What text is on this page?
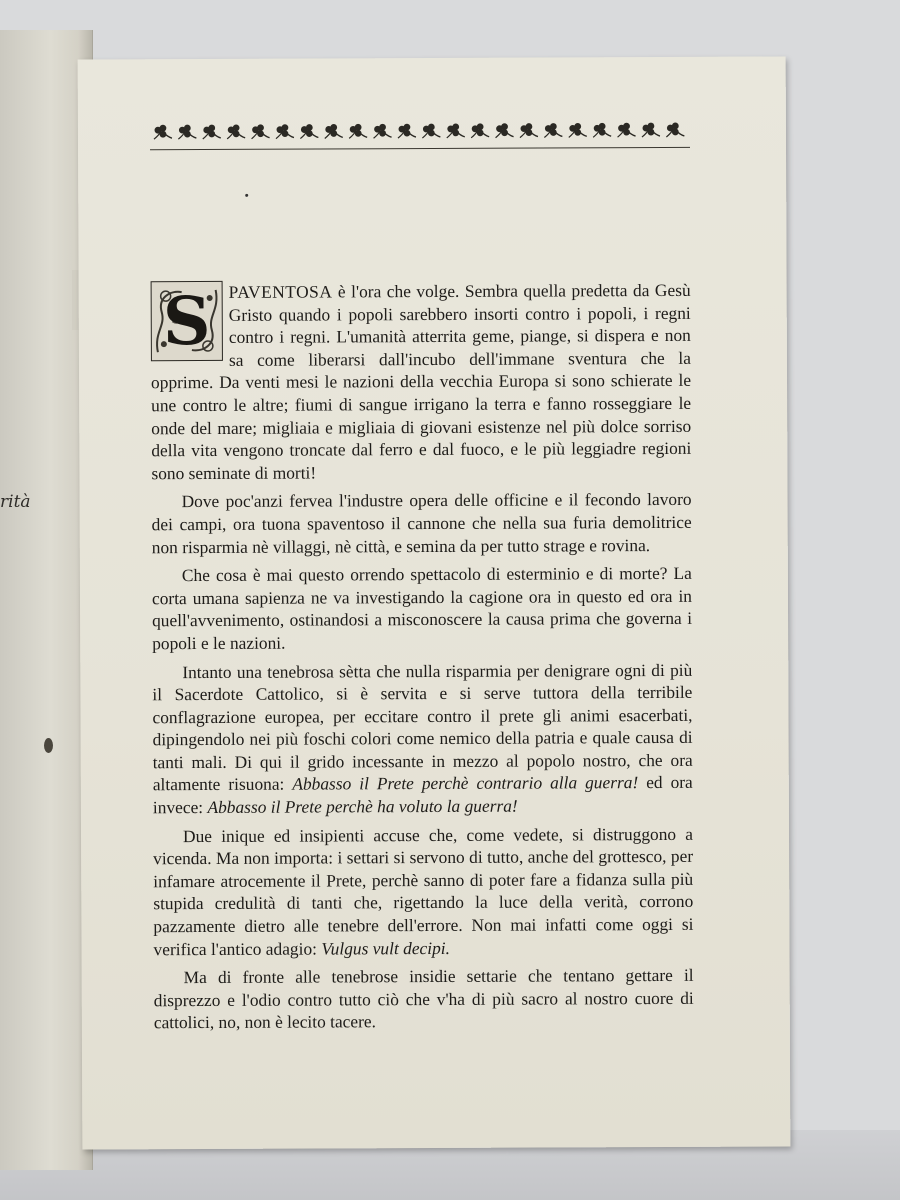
rità
S	PAVENTOSA è l'ora che volge. Sembra quella predetta da Gesù Gristo quando i popoli sarebbero insorti contro i popoli, i regni contro i regni. L'umanità atterrita geme, piange, si dispera e non sa come liberarsi dall'incubo dell'immane sventura che la opprime. Da venti mesi le nazioni della vecchia Europa si sono schierate le une contro le altre; fiumi di sangue irrigano la terra e fanno rosseggiare le onde del mare; migliaia e migliaia di giovani esistenze nel più dolce sorriso della vita vengono troncate dal ferro e dal fuoco, e le più leggiadre regioni sono seminate di morti!

Dove poc'anzi fervea l'industre opera delle officine e il fecondo lavoro dei campi, ora tuona spaventoso il cannone che nella sua furia demolitrice non risparmia nè villaggi, nè città, e semina da per tutto strage e rovina.

Che cosa è mai questo orrendo spettacolo di esterminio e di morte? La corta umana sapienza ne va investigando la cagione ora in questo ed ora in quell'avvenimento, ostinandosi a misconoscere la causa prima che governa i popoli e le nazioni.

Intanto una tenebrosa sètta che nulla risparmia per denigrare ogni di più il Sacerdote Cattolico, si è servita e si serve tuttora della terribile conflagrazione europea, per eccitare contro il prete gli animi esacerbati, dipingendolo nei più foschi colori come nemico della patria e quale causa di tanti mali. Di qui il grido incessante in mezzo al popolo nostro, che ora altamente risuona: Abbasso il Prete perchè contrario alla guerra! ed ora invece: Abbasso il Prete perchè ha voluto la guerra!

Due inique ed insipienti accuse che, come vedete, si distruggono a vicenda. Ma non importa: i settari si servono di tutto, anche del grottesco, per infamare atrocemente il Prete, perchè sanno di poter fare a fidanza sulla più stupida credulità di tanti che, rigettando la luce della verità, corrono pazzamente dietro alle tenebre dell'errore. Non mai infatti come oggi si verifica l'antico adagio: Vulgus vult decipi.

Ma di fronte alle tenebrose insidie settarie che tentano gettare il disprezzo e l'odio contro tutto ciò che v'ha di più sacro al nostro cuore di cattolici, no, non è lecito tacere.
